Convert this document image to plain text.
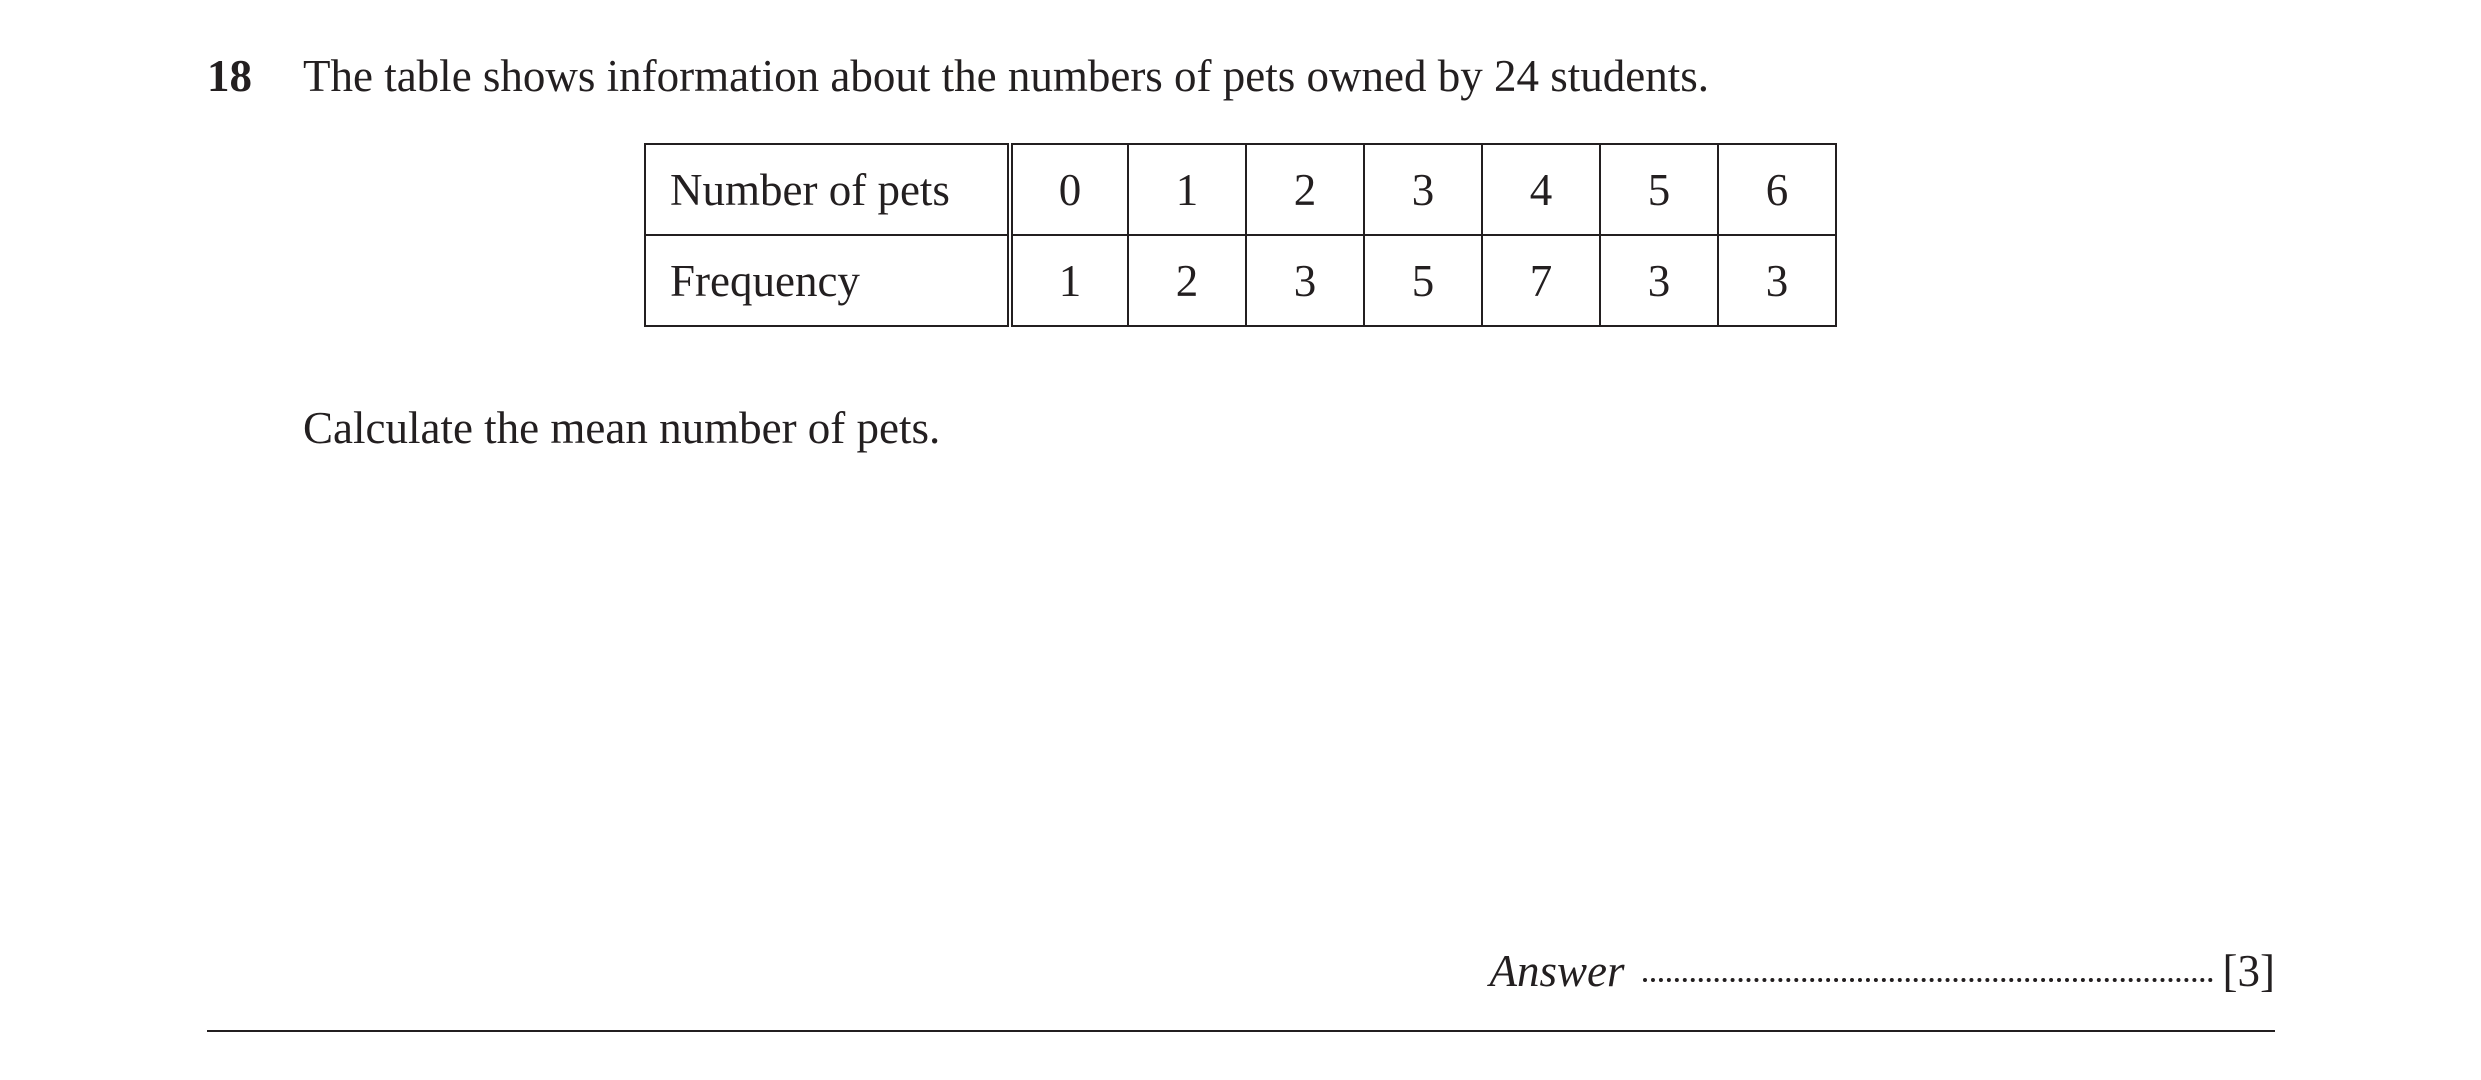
18 The table shows information about the numbers of pets owned by 24 students.
Number of pets	0	1	2	3	4	5	6
Frequency	1	2	3	5	7	3	3
Calculate the mean number of pets.
Answer	[3]
